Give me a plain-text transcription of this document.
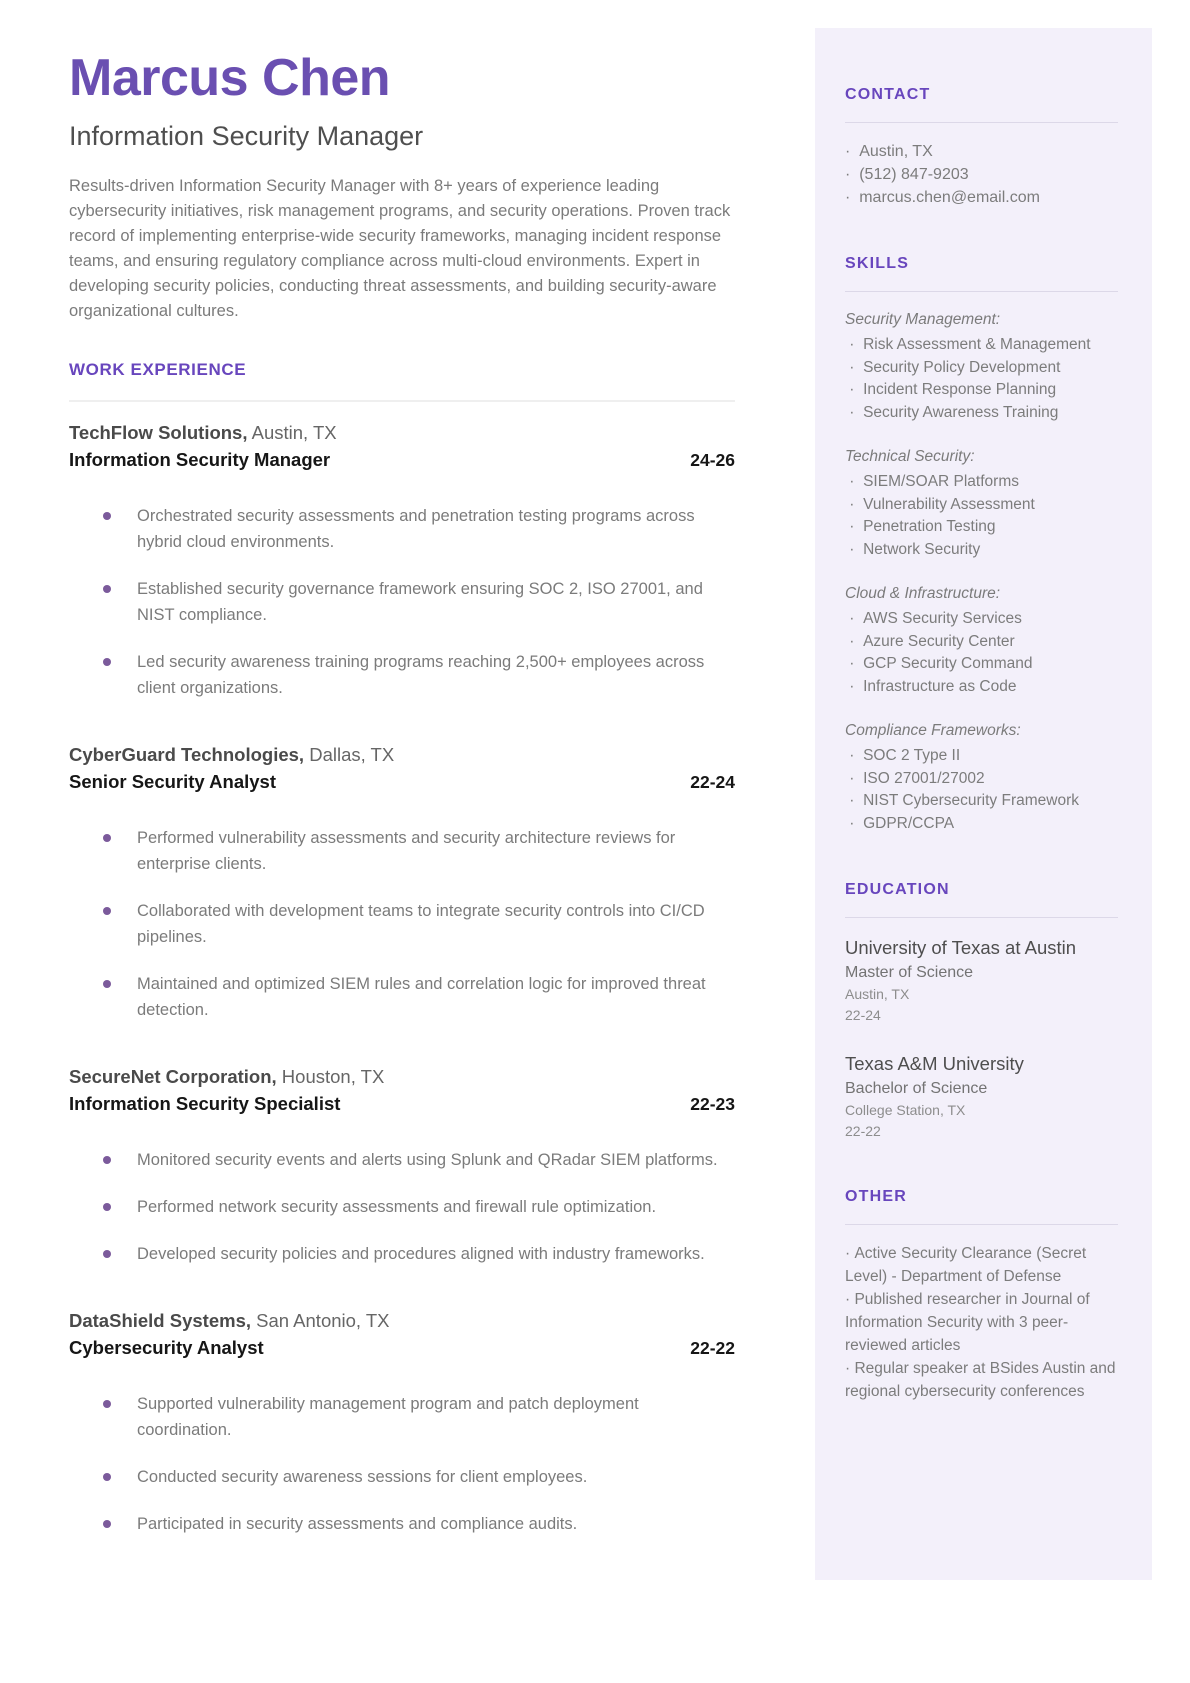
Marcus Chen
Information Security Manager

Results-driven Information Security Manager with 8+ years of experience leading cybersecurity initiatives, risk management programs, and security operations. Proven track record of implementing enterprise-wide security frameworks, managing incident response teams, and ensuring regulatory compliance across multi-cloud environments. Expert in developing security policies, conducting threat assessments, and building security-aware organizational cultures.

WORK EXPERIENCE
TechFlow Solutions, Austin, TX
Information Security Manager	24-26
Orchestrated security assessments and penetration testing programs across hybrid cloud environments.
Established security governance framework ensuring SOC 2, ISO 27001, and NIST compliance.
Led security awareness training programs reaching 2,500+ employees across client organizations.
CyberGuard Technologies, Dallas, TX
Senior Security Analyst	22-24
Performed vulnerability assessments and security architecture reviews for enterprise clients.
Collaborated with development teams to integrate security controls into CI/CD pipelines.
Maintained and optimized SIEM rules and correlation logic for improved threat detection.
SecureNet Corporation, Houston, TX
Information Security Specialist	22-23
Monitored security events and alerts using Splunk and QRadar SIEM platforms.
Performed network security assessments and firewall rule optimization.
Developed security policies and procedures aligned with industry frameworks.
DataShield Systems, San Antonio, TX
Cybersecurity Analyst	22-22
Supported vulnerability management program and patch deployment coordination.
Conducted security awareness sessions for client employees.
Participated in security assessments and compliance audits.
CONTACT
·  Austin, TX
·  (512) 847-9203
·  marcus.chen@email.com
SKILLS
Security Management:
·  Risk Assessment & Management
·  Security Policy Development
·  Incident Response Planning
·  Security Awareness Training
Technical Security:
·  SIEM/SOAR Platforms
·  Vulnerability Assessment
·  Penetration Testing
·  Network Security
Cloud & Infrastructure:
·  AWS Security Services
·  Azure Security Center
·  GCP Security Command
·  Infrastructure as Code
Compliance Frameworks:
·  SOC 2 Type II
·  ISO 27001/27002
·  NIST Cybersecurity Framework
·  GDPR/CCPA
EDUCATION
University of Texas at Austin
Master of Science
Austin, TX
22-24
Texas A&M University
Bachelor of Science
College Station, TX
22-22
OTHER
· Active Security Clearance (Secret Level) - Department of Defense
· Published researcher in Journal of Information Security with 3 peer-reviewed articles
· Regular speaker at BSides Austin and regional cybersecurity conferences
